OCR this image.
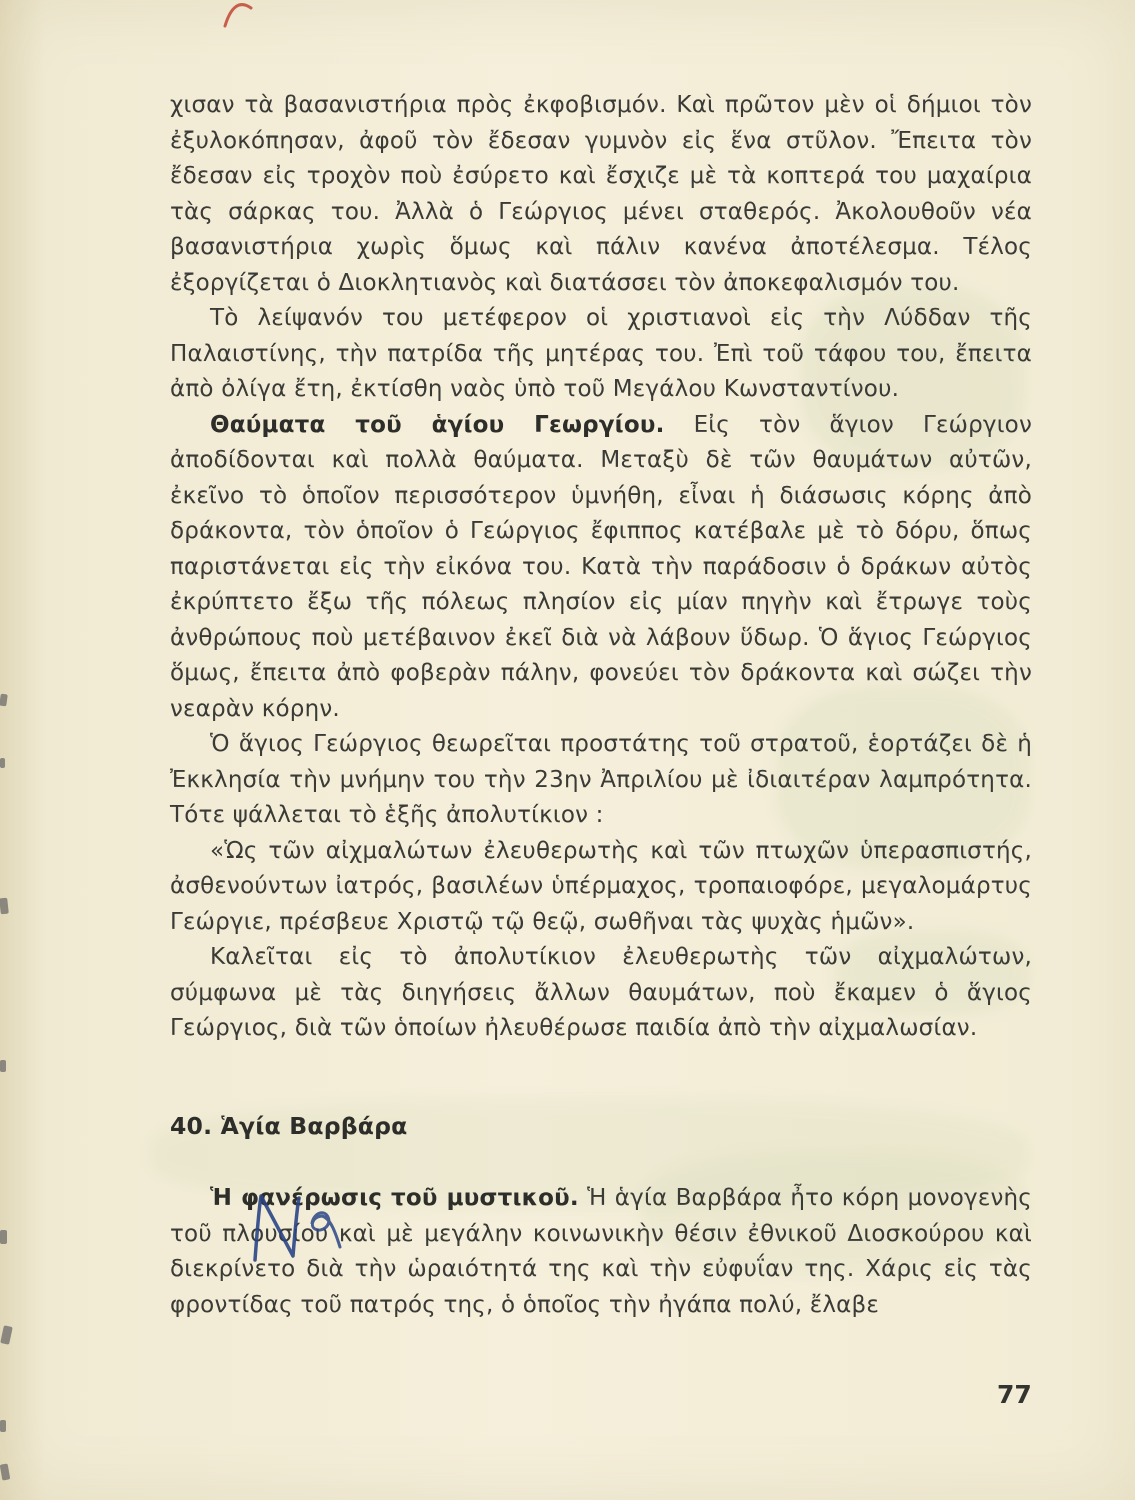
χισαν τὰ βασανιστήρια πρὸς ἐκφοβισμόν. Καὶ πρῶτον μὲν οἱ δήμιοι τὸν ἐξυλοκόπησαν, ἀφοῦ τὸν ἔδεσαν γυμνὸν εἰς ἕνα στῦλον. Ἔπειτα τὸν ἔδεσαν εἰς τροχὸν ποὺ ἐσύρετο καὶ ἔσχιζε μὲ τὰ κοπτερά του μαχαίρια τὰς σάρκας του. Ἀλλὰ ὁ Γεώργιος μένει σταθερός. Ἀκολουθοῦν νέα βασανιστήρια χωρὶς ὅμως καὶ πάλιν κανένα ἀποτέλεσμα. Τέλος ἐξοργίζεται ὁ Διοκλητιανὸς καὶ διατάσσει τὸν ἀποκεφαλισμόν του.

Τὸ λείψανόν του μετέφερον οἱ χριστιανοὶ εἰς τὴν Λύδδαν τῆς Παλαιστίνης, τὴν πατρίδα τῆς μητέρας του. Ἐπὶ τοῦ τάφου του, ἔπειτα ἀπὸ ὀλίγα ἔτη, ἐκτίσθη ναὸς ὑπὸ τοῦ Μεγάλου Κωνσταντίνου.

Θαύματα τοῦ ἁγίου Γεωργίου. Εἰς τὸν ἅγιον Γεώργιον ἀποδίδονται καὶ πολλὰ θαύματα. Μεταξὺ δὲ τῶν θαυμάτων αὐτῶν, ἐκεῖνο τὸ ὁποῖον περισσότερον ὑμνήθη, εἶναι ἡ διάσωσις κόρης ἀπὸ δράκοντα, τὸν ὁποῖον ὁ Γεώργιος ἔφιππος κατέβαλε μὲ τὸ δόρυ, ὅπως παριστάνεται εἰς τὴν εἰκόνα του. Κατὰ τὴν παράδοσιν ὁ δράκων αὐτὸς ἐκρύπτετο ἔξω τῆς πόλεως πλησίον εἰς μίαν πηγὴν καὶ ἔτρωγε τοὺς ἀνθρώπους ποὺ μετέβαινον ἐκεῖ διὰ νὰ λάβουν ὕδωρ. Ὁ ἅγιος Γεώργιος ὅμως, ἔπειτα ἀπὸ φοβερὰν πάλην, φονεύει τὸν δράκοντα καὶ σώζει τὴν νεαρὰν κόρην.

Ὁ ἅγιος Γεώργιος θεωρεῖται προστάτης τοῦ στρατοῦ, ἑορτάζει δὲ ἡ Ἐκκλησία τὴν μνήμην του τὴν 23ην Ἀπριλίου μὲ ἰδιαιτέραν λαμπρότητα. Τότε ψάλλεται τὸ ἑξῆς ἀπολυτίκιον :

«Ὡς τῶν αἰχμαλώτων ἐλευθερωτὴς καὶ τῶν πτωχῶν ὑπερασπιστής, ἀσθενούντων ἰατρός, βασιλέων ὑπέρμαχος, τροπαιοφόρε, μεγαλομάρτυς Γεώργιε, πρέσβευε Χριστῷ τῷ θεῷ, σωθῆναι τὰς ψυχὰς ἡμῶν».

Καλεῖται εἰς τὸ ἀπολυτίκιον ἐλευθερωτὴς τῶν αἰχμαλώτων, σύμφωνα μὲ τὰς διηγήσεις ἄλλων θαυμάτων, ποὺ ἔκαμεν ὁ ἅγιος Γεώργιος, διὰ τῶν ὁποίων ἠλευθέρωσε παιδία ἀπὸ τὴν αἰχμαλωσίαν.

40. Ἁγία Βαρβάρα

Ἡ φανέρωσις τοῦ μυστικοῦ. Ἡ ἁγία Βαρβάρα ἦτο κόρη μονογενὴς τοῦ πλουσίου καὶ μὲ μεγάλην κοινωνικὴν θέσιν ἐθνικοῦ Διοσκούρου καὶ διεκρίνετο διὰ τὴν ὡραιότητά της καὶ τὴν εὐφυΐαν της. Χάρις εἰς τὰς φροντίδας τοῦ πατρός της, ὁ ὁποῖος τὴν ἠγάπα πολύ, ἔλαβε

77
